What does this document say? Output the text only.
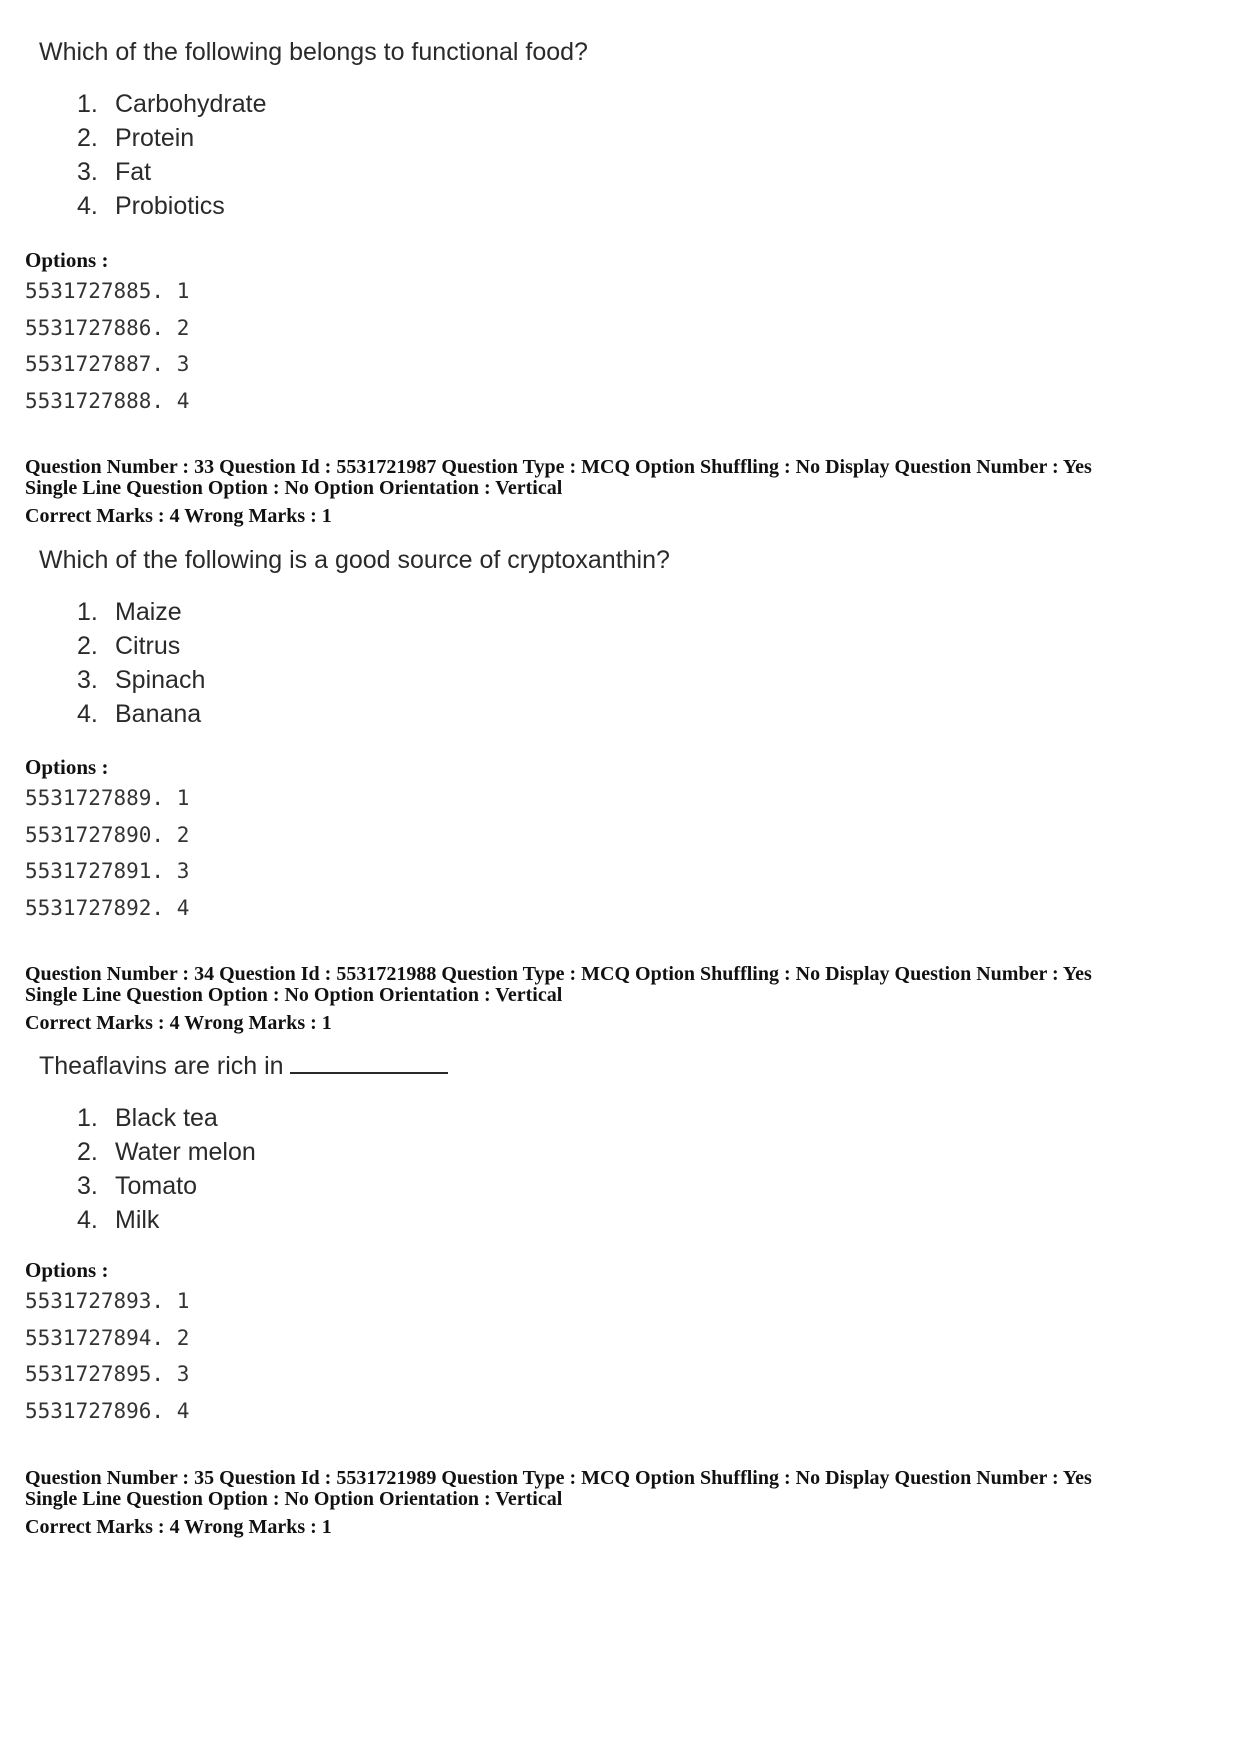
Which of the following belongs to functional food?

1. Carbohydrate
2. Protein
3. Fat
4. Probiotics
Options :
5531727885. 1
5531727886. 2
5531727887. 3
5531727888. 4
Question Number : 33 Question Id : 5531721987 Question Type : MCQ Option Shuffling : No Display Question Number : Yes
Single Line Question Option : No Option Orientation : Vertical
Correct Marks : 4 Wrong Marks : 1

Which of the following is a good source of cryptoxanthin?

1. Maize
2. Citrus
3. Spinach
4. Banana
Options :
5531727889. 1
5531727890. 2
5531727891. 3
5531727892. 4
Question Number : 34 Question Id : 5531721988 Question Type : MCQ Option Shuffling : No Display Question Number : Yes
Single Line Question Option : No Option Orientation : Vertical
Correct Marks : 4 Wrong Marks : 1

Theaflavins are rich in

1. Black tea
2. Water melon
3. Tomato
4. Milk
Options :
5531727893. 1
5531727894. 2
5531727895. 3
5531727896. 4
Question Number : 35 Question Id : 5531721989 Question Type : MCQ Option Shuffling : No Display Question Number : Yes
Single Line Question Option : No Option Orientation : Vertical
Correct Marks : 4 Wrong Marks : 1
